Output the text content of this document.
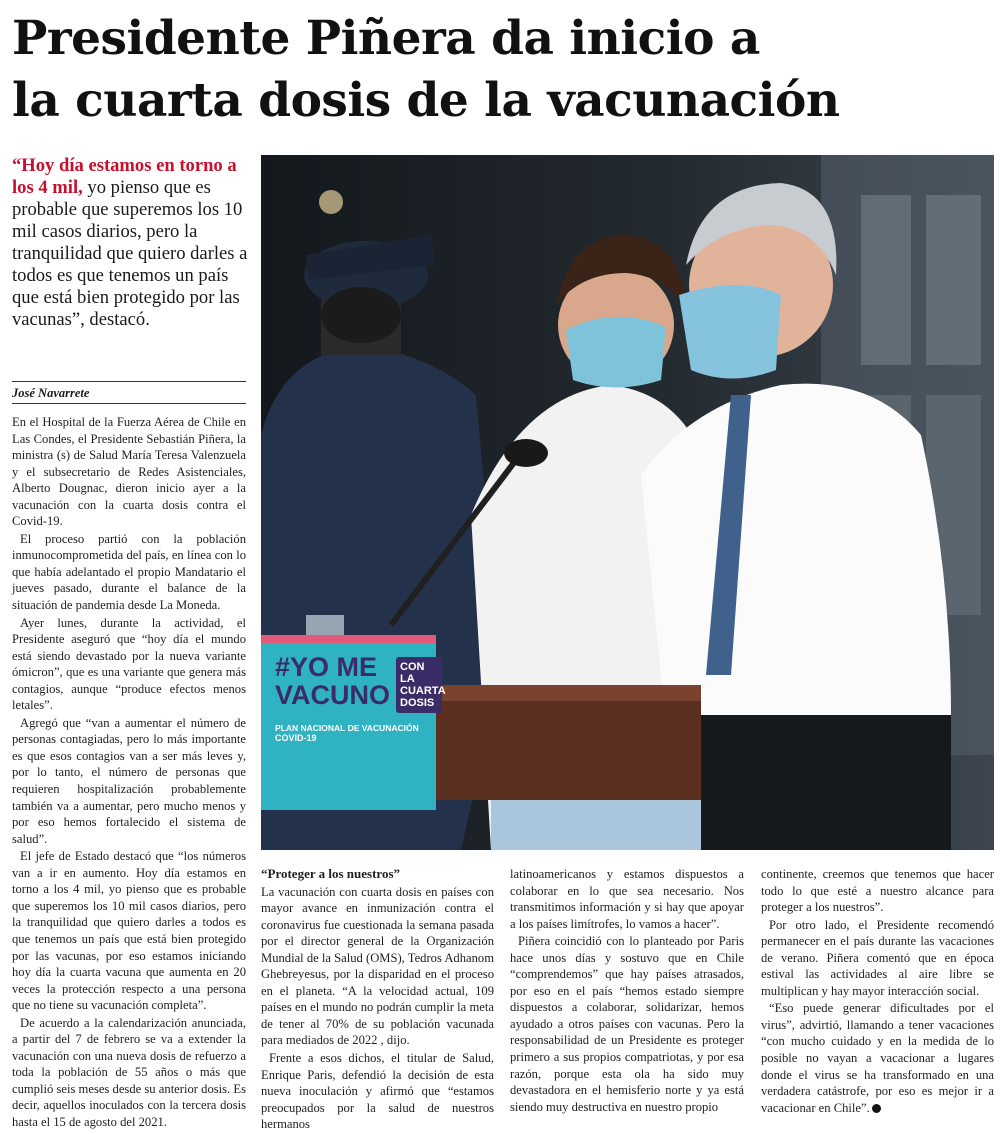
Presidente Piñera da inicio a
la cuarta dosis de la vacunación
“Hoy día estamos en torno a los 4 mil, yo pienso que es probable que superemos los 10 mil casos diarios, pero la tranquilidad que quiero darles a todos es que tenemos un país que está bien protegido por las vacunas”, destacó.
José Navarrete

En el Hospital de la Fuerza Aérea de Chile en Las Condes, el Presidente Sebastián Piñera, la ministra (s) de Salud María Teresa Valenzuela y el subsecretario de Redes Asistenciales, Alberto Dougnac, dieron inicio ayer a la vacunación con la cuarta dosis contra el Covid-19.

El proceso partió con la población inmunocomprometida del país, en línea con lo que había adelantado el propio Mandatario el jueves pasado, durante el balance de la situación de pandemia desde La Moneda.

Ayer lunes, durante la actividad, el Presidente aseguró que “hoy día el mundo está siendo devastado por la nueva variante ómicron”, que es una variante que genera más contagios, aunque “produce efectos menos letales”.

Agregó que “van a aumentar el número de personas contagiadas, pero lo más importante es que esos contagios van a ser más leves y, por lo tanto, el número de personas que requieren hospitalización probablemente también va a aumentar, pero mucho menos y por eso hemos fortalecido el sistema de salud”.

El jefe de Estado destacó que “los números van a ir en aumento. Hoy día estamos en torno a los 4 mil, yo pienso que es probable que superemos los 10 mil casos diarios, pero la tranquilidad que quiero darles a todos es que tenemos un país que está bien protegido por las vacunas, por eso estamos iniciando hoy día la cuarta vacuna que aumenta en 20 veces la protección respecto a una persona que no tiene su vacunación completa”.

De acuerdo a la calendarización anunciada, a partir del 7 de febrero se va a extender la vacunación con una nueva dosis de refuerzo a toda la población de 55 años o más que cumplió seis meses desde su anterior dosis. Es decir, aquellos inoculados con la tercera dosis hasta el 15 de agosto del 2021.

#YO ME
VACUNO
CON LA CUARTA DOSIS
PLAN NACIONAL DE VACUNACIÓN
COVID-19
“Proteger a los nuestros”

La vacunación con cuarta dosis en países con mayor avance en inmunización contra el coronavirus fue cuestionada la semana pasada por el director general de la Organización Mundial de la Salud (OMS), Tedros Adhanom Ghebreyesus, por la disparidad en el proceso en el planeta. “A la velocidad actual, 109 países en el mundo no podrán cumplir la meta de tener al 70% de su población vacunada para mediados de 2022 , dijo.

Frente a esos dichos, el titular de Salud, Enrique Paris, defendió la decisión de esta nueva inoculación y afirmó que “estamos preocupados por la salud de nuestros hermanos

latinoamericanos y estamos dispuestos a colaborar en lo que sea necesario. Nos transmitimos información y si hay que apoyar a los países limítrofes, lo vamos a hacer”.

Piñera coincidió con lo planteado por Paris hace unos días y sostuvo que en Chile “comprendemos” que hay países atrasados, por eso en el país “hemos estado siempre dispuestos a colaborar, solidarizar, hemos ayudado a otros países con vacunas. Pero la responsabilidad de un Presidente es proteger primero a sus propios compatriotas, y por esa razón, porque esta ola ha sido muy devastadora en el hemisferio norte y ya está siendo muy destructiva en nuestro propio

continente, creemos que tenemos que hacer todo lo que esté a nuestro alcance para proteger a los nuestros”.

Por otro lado, el Presidente recomendó permanecer en el país durante las vacaciones de verano. Piñera comentó que en época estival las actividades al aire libre se multiplican y hay mayor interacción social.

“Eso puede generar dificultades por el virus”, advirtió, llamando a tener vacaciones “con mucho cuidado y en la medida de lo posible no vayan a vacacionar a lugares donde el virus se ha transformado en una verdadera catástrofe, por eso es mejor ir a vacacionar en Chile”.
